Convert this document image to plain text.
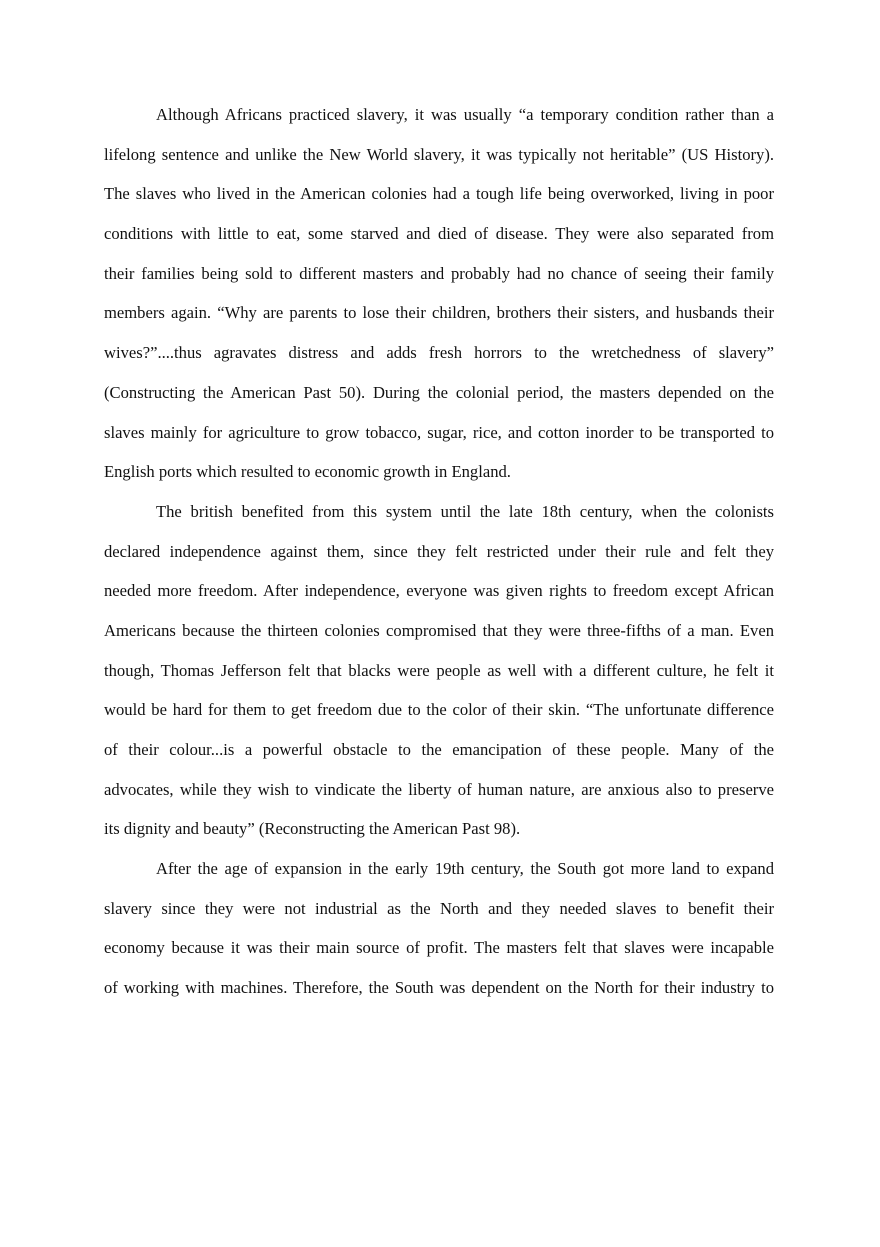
Although Africans practiced slavery, it was usually “a temporary condition rather than a
lifelong sentence and unlike the New World slavery, it was typically not heritable” (US History).
The slaves who lived in the American colonies had a tough life being overworked, living in poor
conditions with little to eat, some starved and died of disease. They were also separated from
their families being sold to different masters and probably had no chance of seeing their family
members again. “Why are parents to lose their children, brothers their sisters, and husbands their
wives?”....thus agravates distress and adds fresh horrors to the wretchedness of slavery”
(Constructing the American Past 50). During the colonial period, the masters depended on the
slaves mainly for agriculture to grow tobacco, sugar, rice, and cotton inorder to be transported to
English ports which resulted to economic growth in England.
The british benefited from this system until the late 18th century, when the colonists
declared independence against them, since they felt restricted under their rule and felt they
needed more freedom. After independence, everyone was given rights to freedom except African
Americans because the thirteen colonies compromised that they were three-fifths of a man. Even
though, Thomas Jefferson felt that blacks were people as well with a different culture, he felt it
would be hard for them to get freedom due to the color of their skin. “The unfortunate difference
of their colour...is a powerful obstacle to the emancipation of these people. Many of the
advocates, while they wish to vindicate the liberty of human nature, are anxious also to preserve
its dignity and beauty” (Reconstructing the American Past 98).
After the age of expansion in the early 19th century, the South got more land to expand
slavery since they were not industrial as the North and they needed slaves to benefit their
economy because it was their main source of profit. The masters felt that slaves were incapable
of working with machines. Therefore, the South was dependent on the North for their industry to
